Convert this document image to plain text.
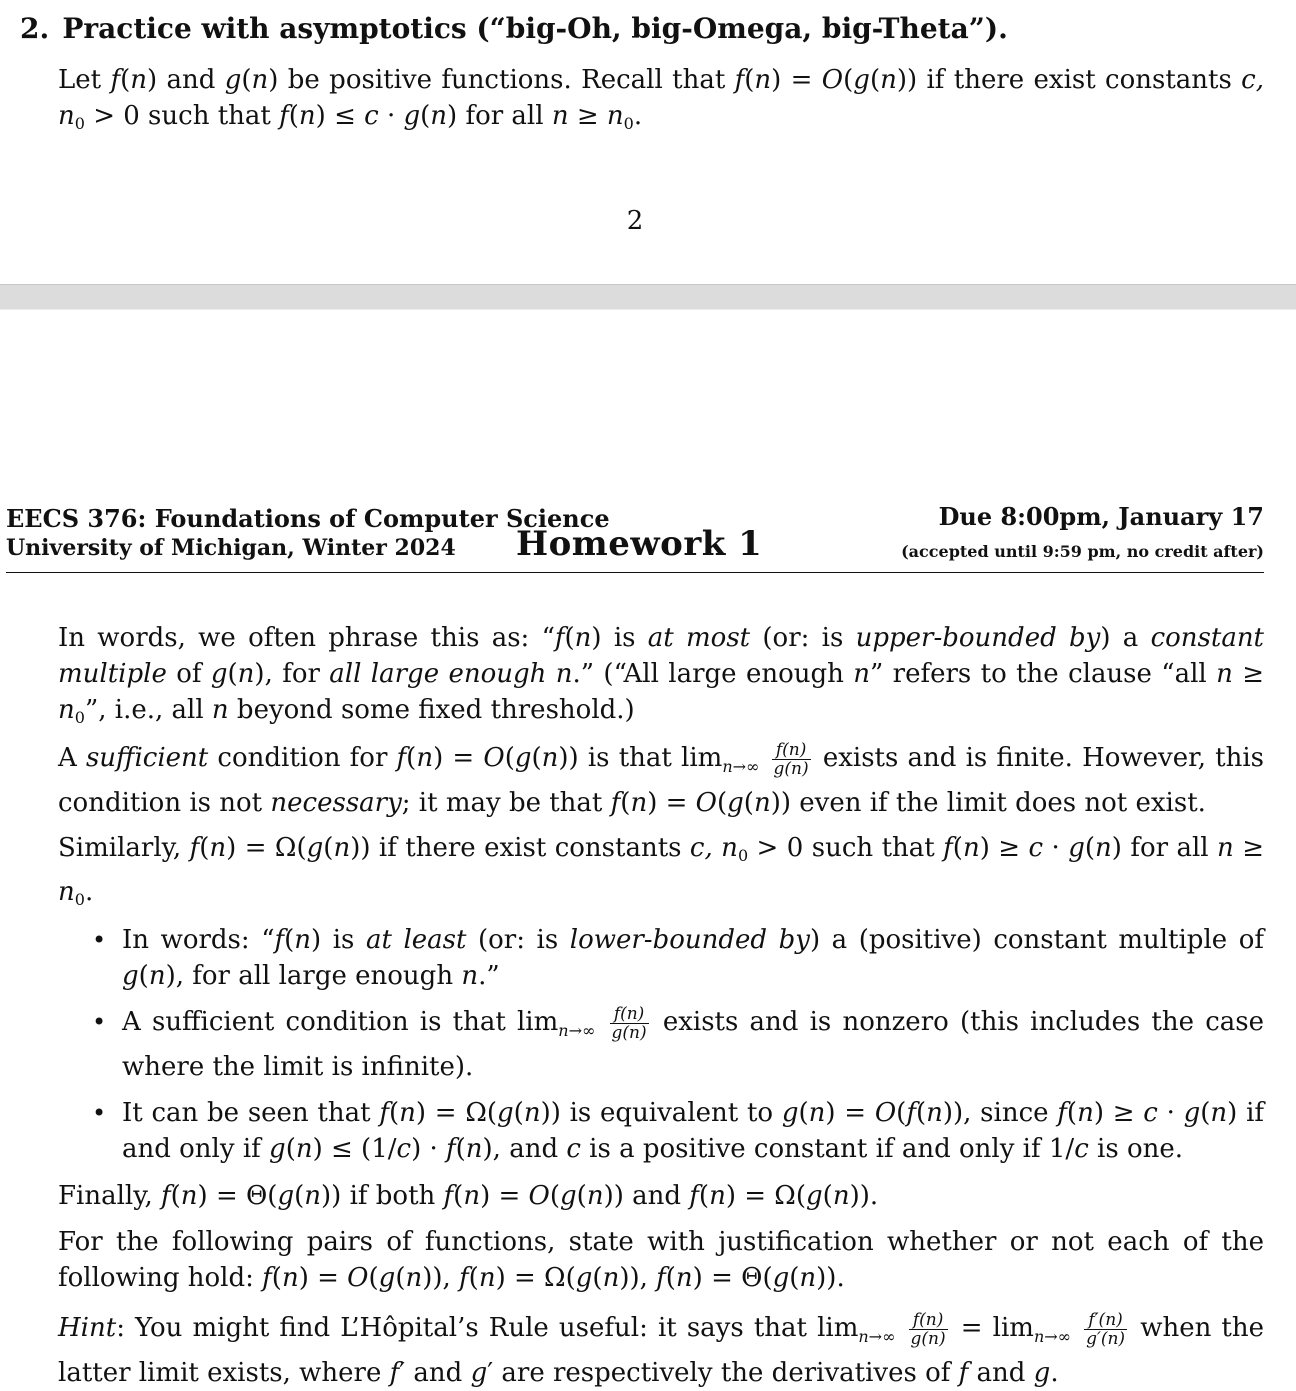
2. Practice with asymptotics (“big-Oh, big-Omega, big-Theta”).
Let f(n) and g(n) be positive functions. Recall that f(n) = O(g(n)) if there exist constants c, n0 > 0 such that f(n) ≤ c · g(n) for all n ≥ n0.
2
EECS 376: Foundations of Computer Science
University of Michigan, Winter 2024 Homework 1
Due 8:00pm, January 17
(accepted until 9:59 pm, no credit after)
In words, we often phrase this as: “f(n) is at most (or: is upper-bounded by) a constant multiple of g(n), for all large enough n.” (“All large enough n” refers to the clause “all n ≥ n0”, i.e., all n beyond some fixed threshold.)
A sufficient condition for f(n) = O(g(n)) is that $\lim_{n\to\infty} \frac{f(n)}{g(n)}$ exists and is finite. However, this condition is not necessary; it may be that f(n) = O(g(n)) even if the limit does not exist.
Similarly, f(n) = Ω(g(n)) if there exist constants c, n0 > 0 such that f(n) ≥ c · g(n) for all n ≥ n0.
• In words: “f(n) is at least (or: is lower-bounded by) a (positive) constant multiple of g(n), for all large enough n.”
• A sufficient condition is that $\lim_{n\to\infty} \frac{f(n)}{g(n)}$ exists and is nonzero (this includes the case where the limit is infinite).
• It can be seen that f(n) = Ω(g(n)) is equivalent to g(n) = O(f(n)), since f(n) ≥ c · g(n) if and only if g(n) ≤ (1/c) · f(n), and c is a positive constant if and only if 1/c is one.
Finally, f(n) = Θ(g(n)) if both f(n) = O(g(n)) and f(n) = Ω(g(n)).
For the following pairs of functions, state with justification whether or not each of the following hold: f(n) = O(g(n)), f(n) = Ω(g(n)), f(n) = Θ(g(n)).
Hint: You might find L’Hôpital’s Rule useful: it says that $\lim_{n\to\infty} \frac{f(n)}{g(n)} = \lim_{n\to\infty} \frac{f'(n)}{g'(n)}$ when the latter limit exists, where f′ and g′ are respectively the derivatives of f and g.
